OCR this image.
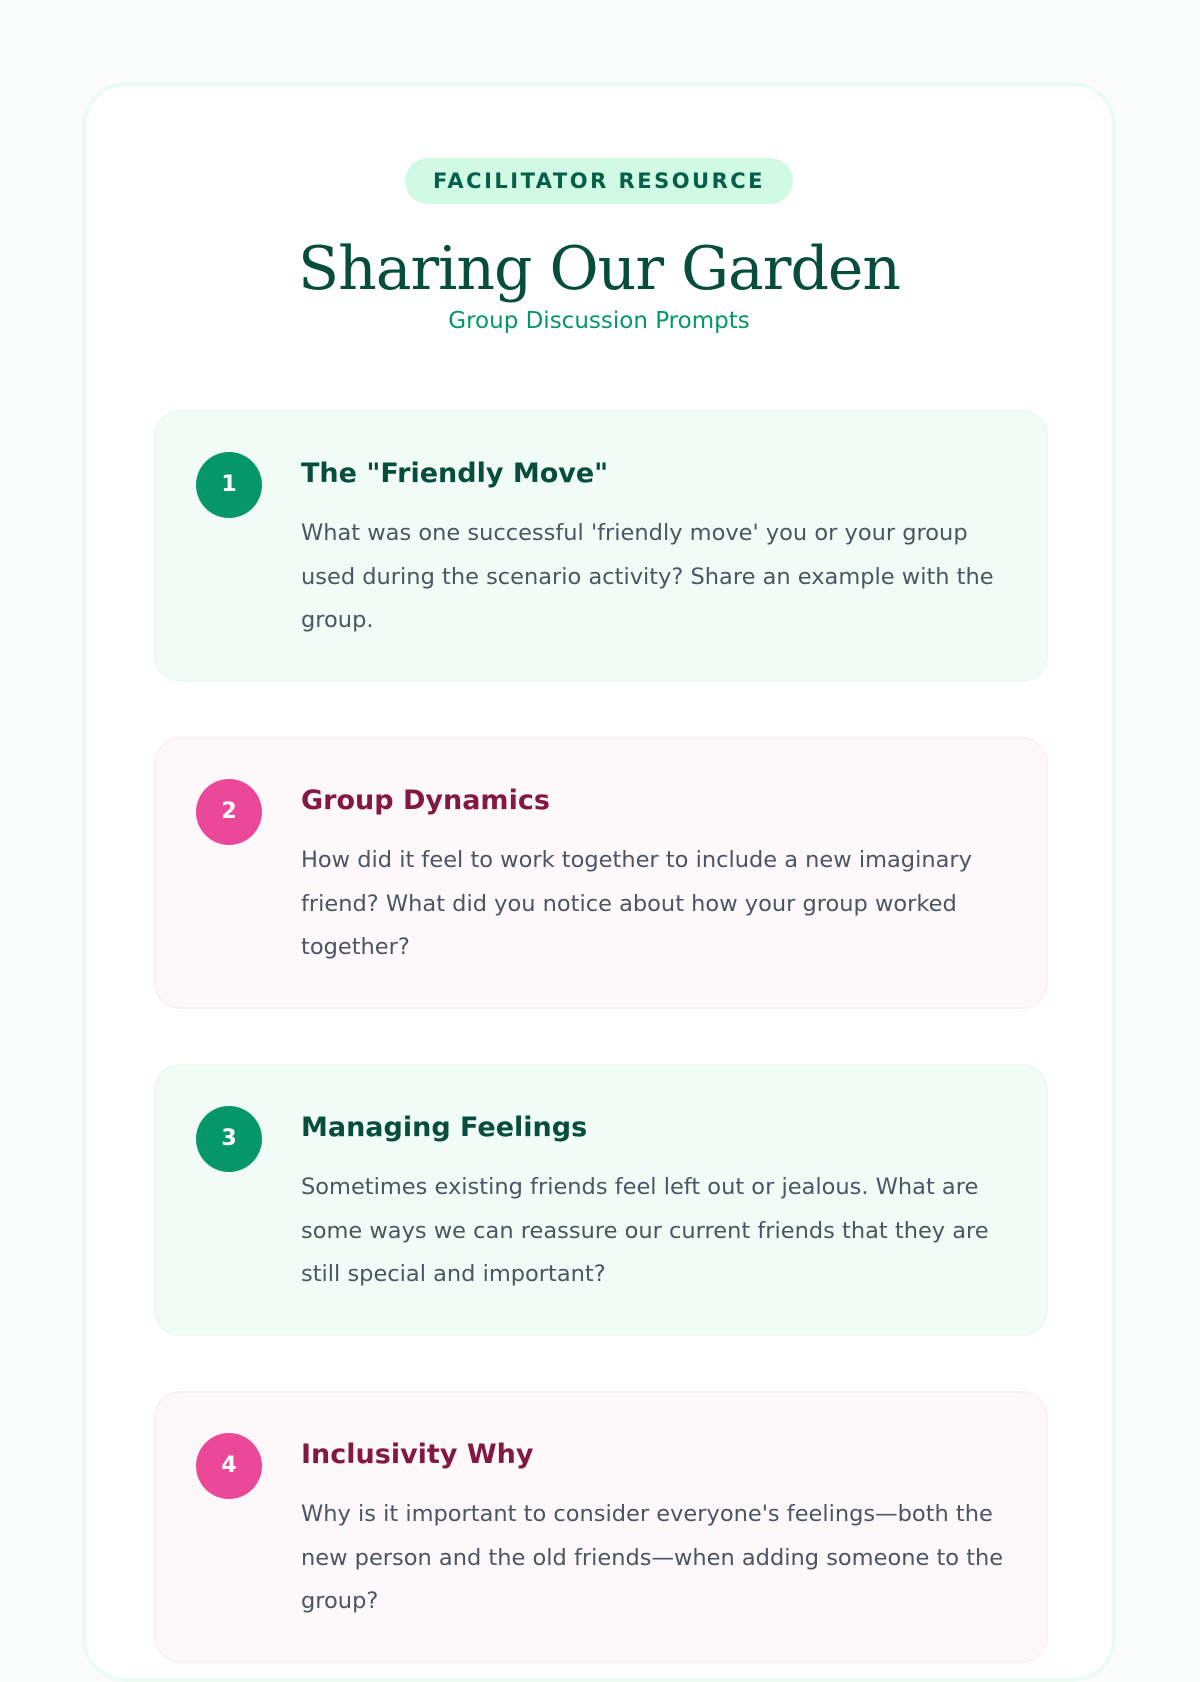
FACILITATOR RESOURCE
Sharing Our Garden
Group Discussion Prompts
1	The "Friendly Move"
What was one successful 'friendly move' you or your group used during the scenario activity? Share an example with the group.
2	Group Dynamics
How did it feel to work together to include a new imaginary friend? What did you notice about how your group worked together?
3	Managing Feelings
Sometimes existing friends feel left out or jealous. What are some ways we can reassure our current friends that they are still special and important?
4	Inclusivity Why
Why is it important to consider everyone's feelings—both the new person and the old friends—when adding someone to the group?
